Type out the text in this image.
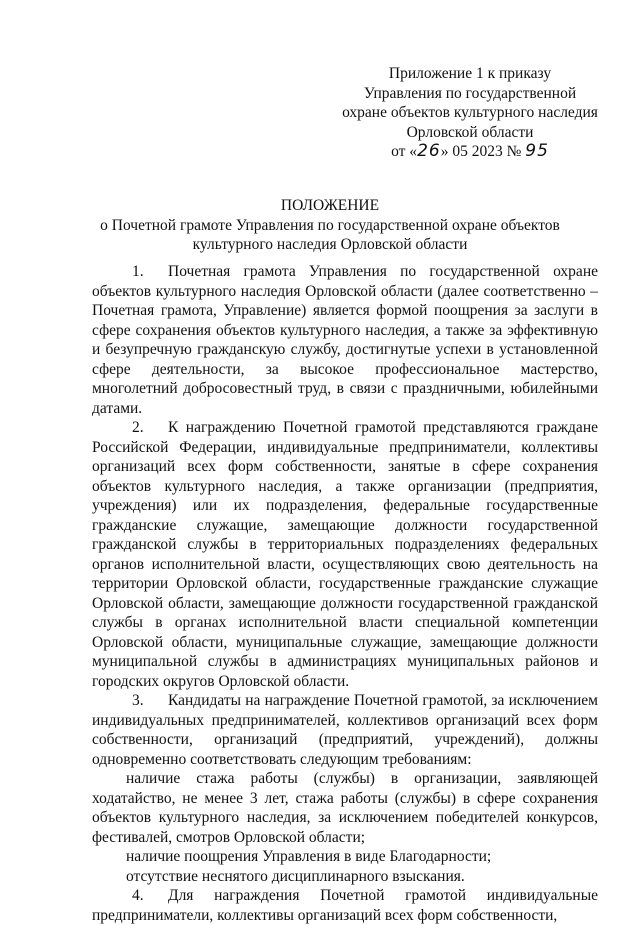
Приложение 1 к приказу
Управления по государственной
охране объектов культурного наследия
Орловской области
от «26» 05 2023 № 95
ПОЛОЖЕНИЕ
о Почетной грамоте Управления по государственной охране объектов
культурного наследия Орловской области

1. Почетная грамота Управления по государственной охране объектов культурного наследия Орловской области (далее соответственно – Почетная грамота, Управление) является формой поощрения за заслуги в сфере сохранения объектов культурного наследия, а также за эффективную и безупречную гражданскую службу, достигнутые успехи в установленной сфере деятельности, за высокое профессиональное мастерство, многолетний добросовестный труд, в связи с праздничными, юбилейными датами.

2. К награждению Почетной грамотой представляются граждане Российской Федерации, индивидуальные предприниматели, коллективы организаций всех форм собственности, занятые в сфере сохранения объектов культурного наследия, а также организации (предприятия, учреждения) или их подразделения, федеральные государственные гражданские служащие, замещающие должности государственной гражданской службы в территориальных подразделениях федеральных органов исполнительной власти, осуществляющих свою деятельность на территории Орловской области, государственные гражданские служащие Орловской области, замещающие должности государственной гражданской службы в органах исполнительной власти специальной компетенции Орловской области, муниципальные служащие, замещающие должности муниципальной службы в администрациях муниципальных районов и городских округов Орловской области.

3. Кандидаты на награждение Почетной грамотой, за исключением индивидуальных предпринимателей, коллективов организаций всех форм собственности, организаций (предприятий, учреждений), должны одновременно соответствовать следующим требованиям:

наличие стажа работы (службы) в организации, заявляющей ходатайство, не менее 3 лет, стажа работы (службы) в сфере сохранения объектов культурного наследия, за исключением победителей конкурсов, фестивалей, смотров Орловской области;

наличие поощрения Управления в виде Благодарности;

отсутствие неснятого дисциплинарного взыскания.

4. Для награждения Почетной грамотой индивидуальные предприниматели, коллективы организаций всех форм собственности,
